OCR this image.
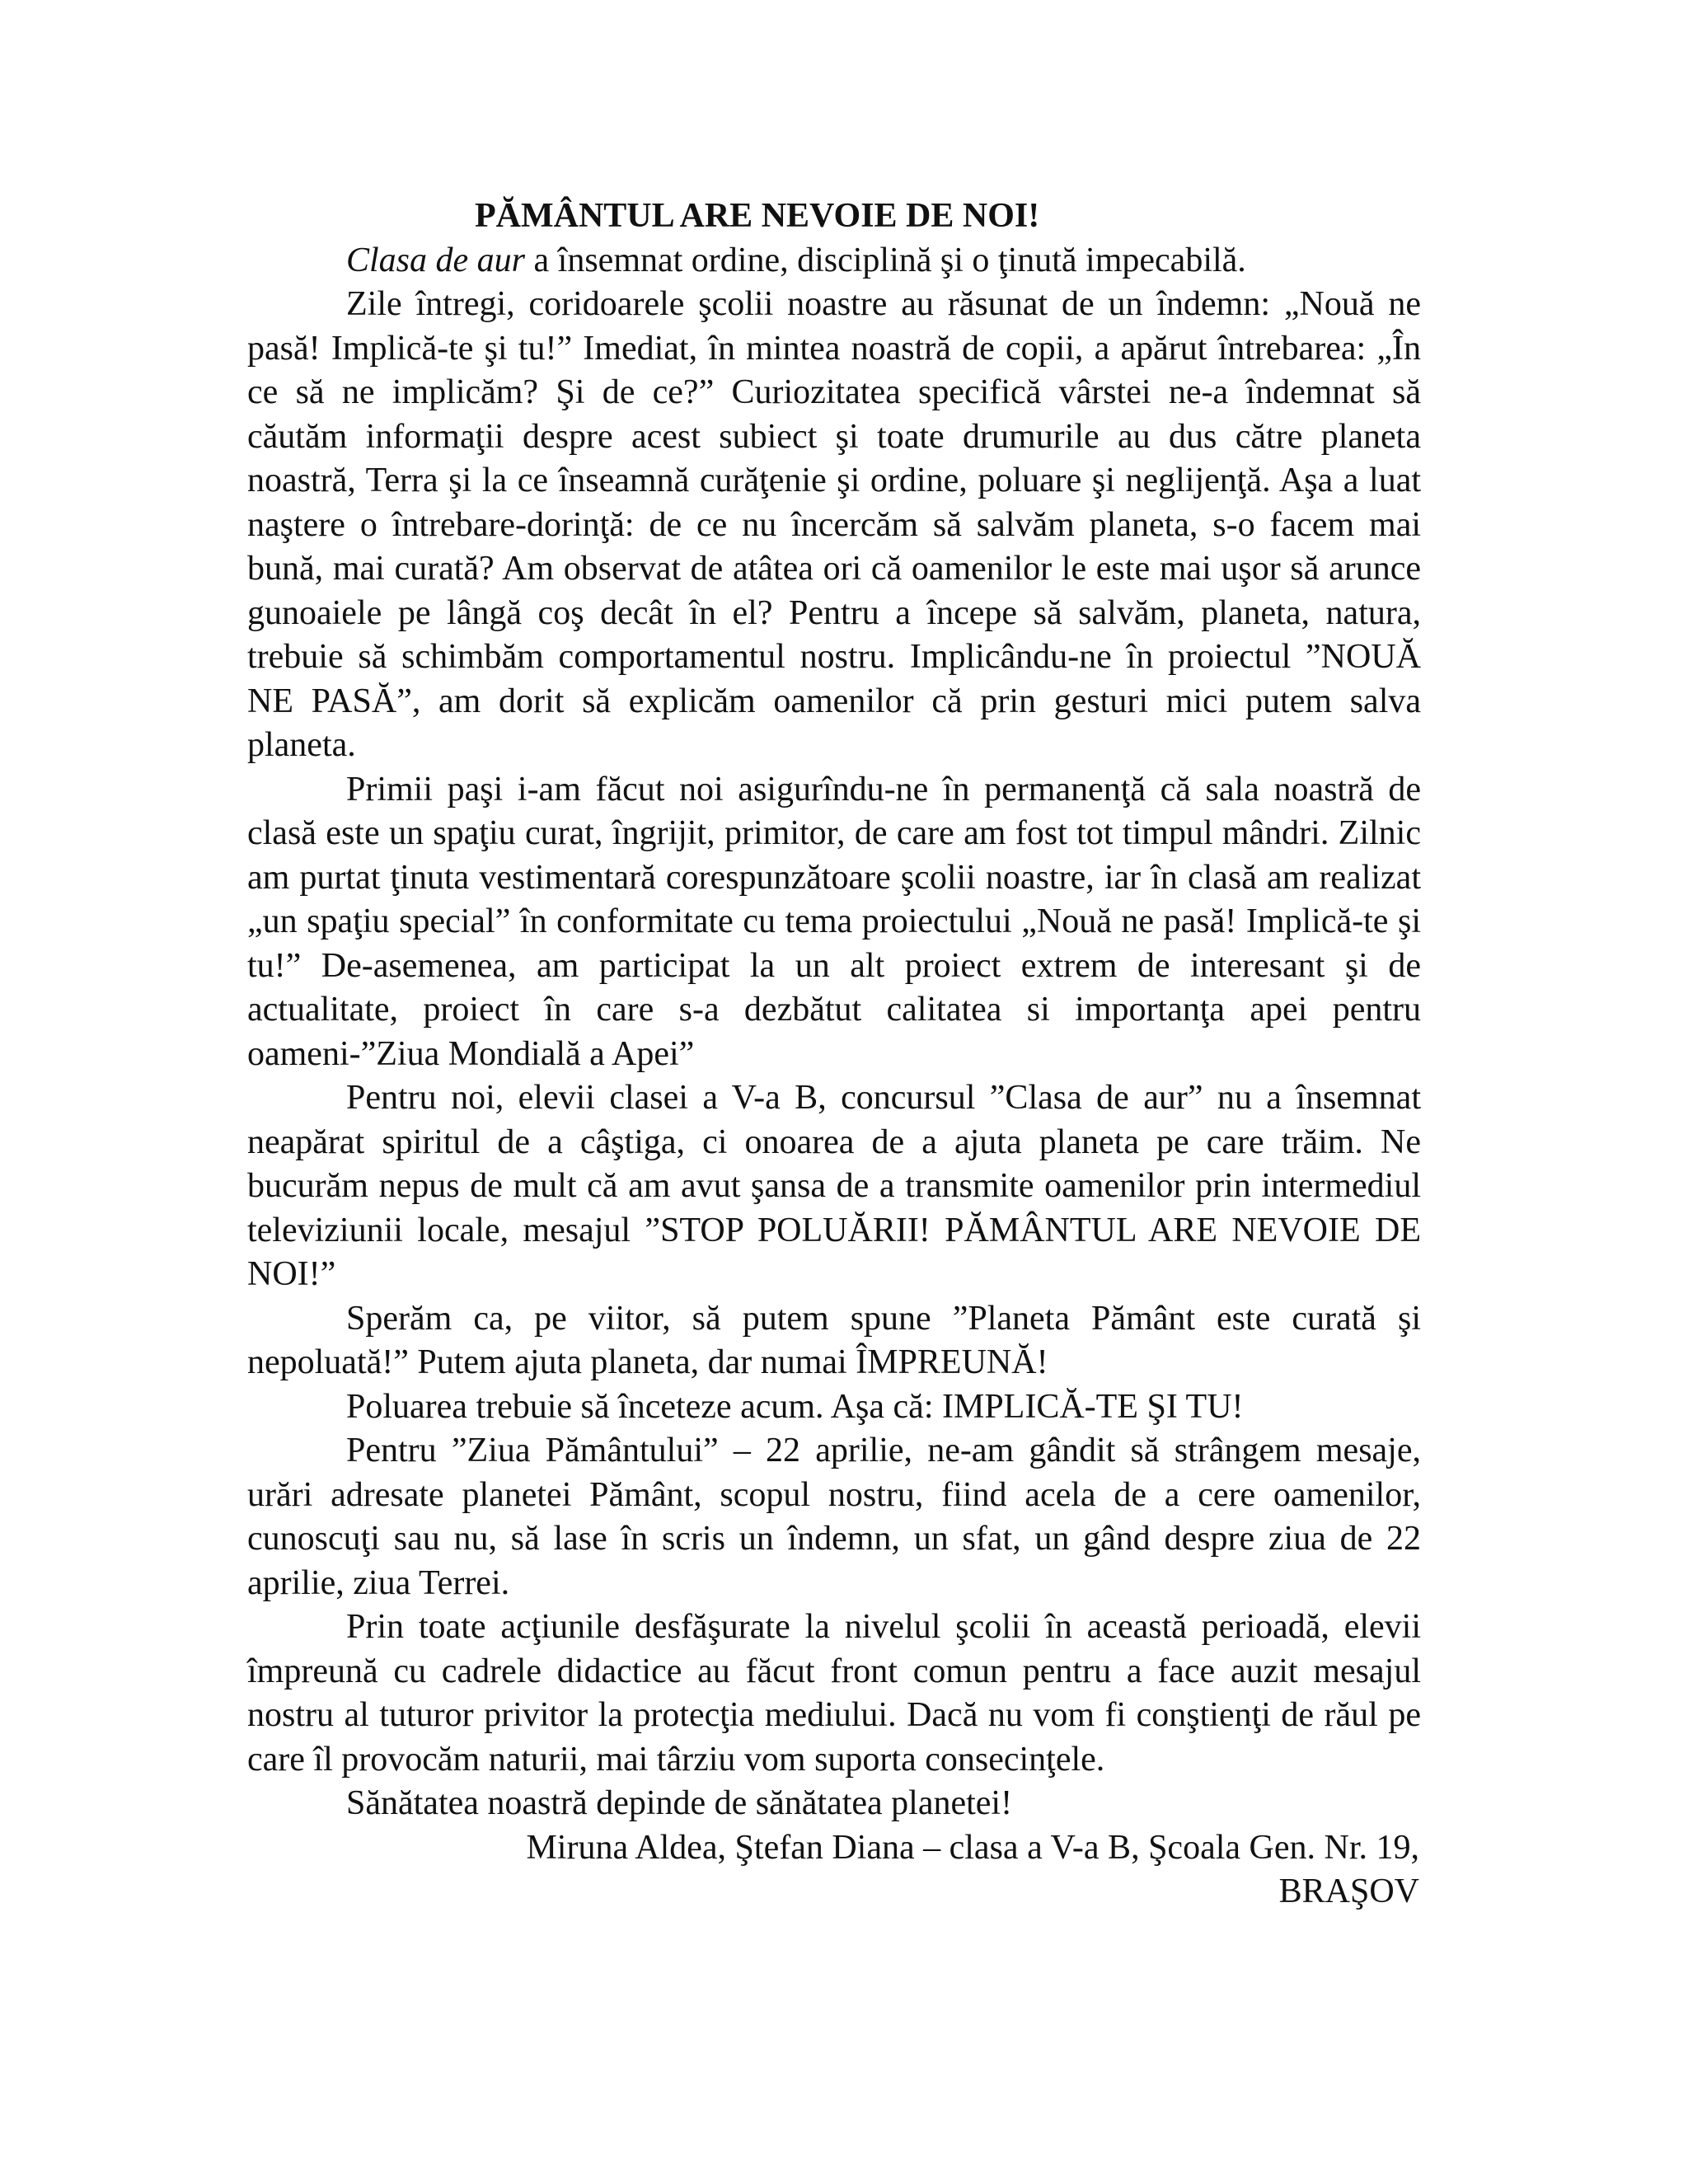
PĂMÂNTUL ARE NEVOIE DE NOI!

Clasa de aur a însemnat ordine, disciplină şi o ţinută impecabilă.

Zile întregi, coridoarele şcolii noastre au răsunat de un îndemn: „Nouă ne pasă! Implică-te şi tu!” Imediat, în mintea noastră de copii, a apărut întrebarea: „În ce să ne implicăm? Şi de ce?” Curiozitatea specifică vârstei ne-a îndemnat să căutăm informaţii despre acest subiect şi toate drumurile au dus către planeta noastră, Terra şi la ce înseamnă curăţenie şi ordine, poluare şi neglijenţă. Aşa a luat naştere o întrebare-dorinţă: de ce nu încercăm să salvăm planeta, s-o facem mai bună, mai curată? Am observat de atâtea ori că oamenilor le este mai uşor să arunce gunoaiele pe lângă coş decât în el? Pentru a începe să salvăm, planeta, natura, trebuie să schimbăm comportamentul nostru. Implicându-ne în proiectul ”NOUĂ NE PASĂ”, am dorit să explicăm oamenilor că prin gesturi mici putem salva planeta.

Primii paşi i-am făcut noi asigurîndu-ne în permanenţă că sala noastră de clasă este un spaţiu curat, îngrijit, primitor, de care am fost tot timpul mândri. Zilnic am purtat ţinuta vestimentară corespunzătoare şcolii noastre, iar în clasă am realizat „un spaţiu special” în conformitate cu tema proiectului „Nouă ne pasă! Implică-te şi tu!” De-asemenea, am participat la un alt proiect extrem de interesant şi de actualitate, proiect în care s-a dezbătut calitatea si importanţa apei pentru oameni-”Ziua Mondială a Apei”

Pentru noi, elevii clasei a V-a B, concursul ”Clasa de aur” nu a însemnat neapărat spiritul de a câştiga, ci onoarea de a ajuta planeta pe care trăim. Ne bucurăm nepus de mult că am avut şansa de a transmite oamenilor prin intermediul televiziunii locale, mesajul ”STOP POLUĂRII! PĂMÂNTUL ARE NEVOIE DE NOI!”

Sperăm ca, pe viitor, să putem spune ”Planeta Pământ este curată şi nepoluată!” Putem ajuta planeta, dar numai ÎMPREUNĂ!

Poluarea trebuie să înceteze acum. Aşa că: IMPLICĂ-TE ŞI TU!

Pentru ”Ziua Pământului” – 22 aprilie, ne-am gândit să strângem mesaje, urări adresate planetei Pământ, scopul nostru, fiind acela de a cere oamenilor, cunoscuţi sau nu, să lase în scris un îndemn, un sfat, un gând despre ziua de 22 aprilie, ziua Terrei.

Prin toate acţiunile desfăşurate la nivelul şcolii în această perioadă, elevii împreună cu cadrele didactice au făcut front comun pentru a face auzit mesajul nostru al tuturor privitor la protecţia mediului. Dacă nu vom fi conştienţi de răul pe care îl provocăm naturii, mai târziu vom suporta consecinţele.

Sănătatea noastră depinde de sănătatea planetei!

Miruna Aldea, Ştefan Diana – clasa a V-a B, Şcoala Gen. Nr. 19,

BRAŞOV
